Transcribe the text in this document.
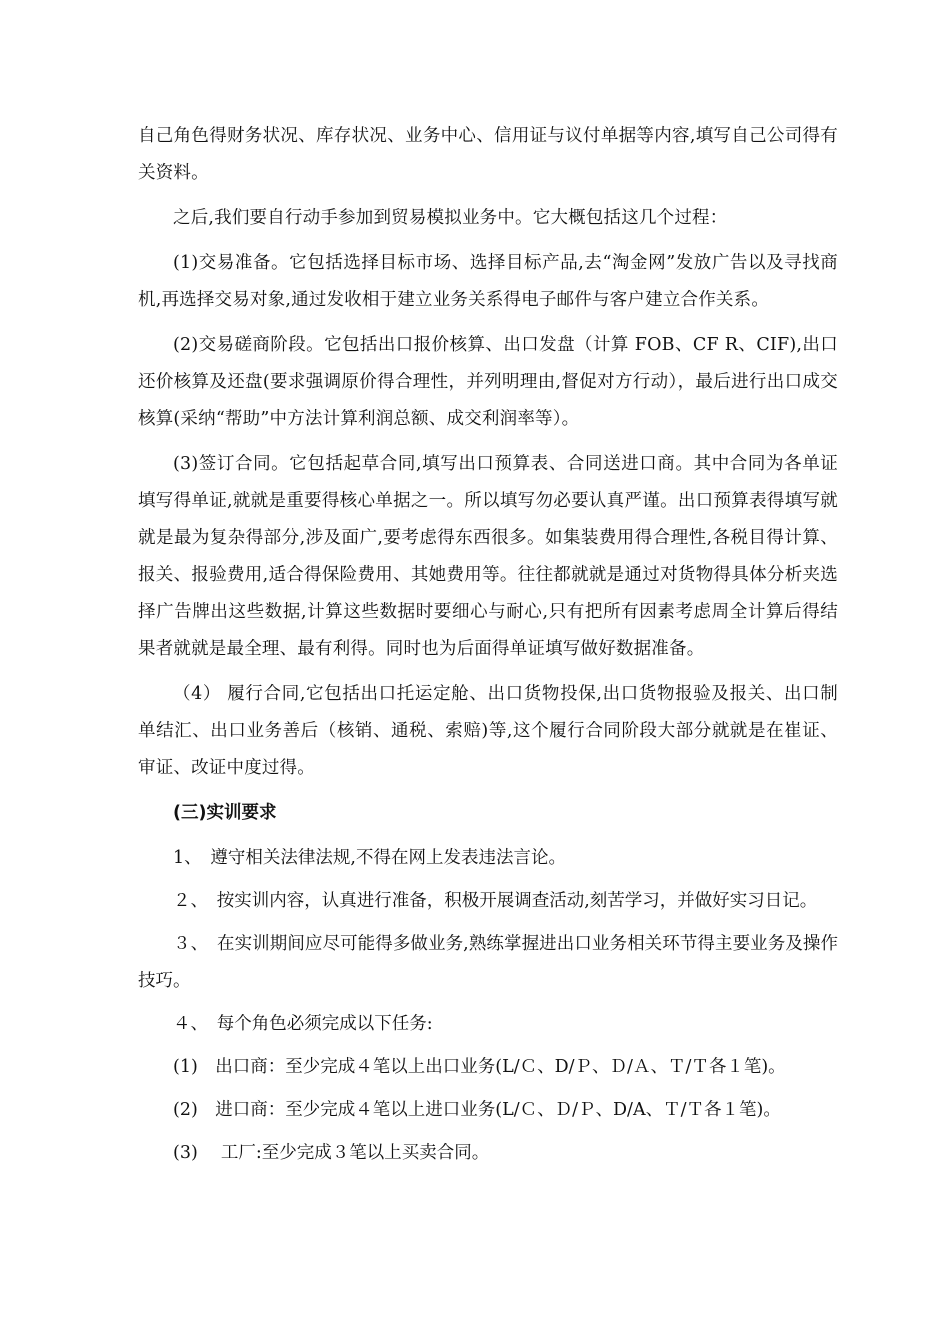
自己角色得财务状况、库存状况、业务中心、信用证与议付单据等内容,填写自己公司得有关资料。

之后,我们要自行动手参加到贸易模拟业务中。它大概包括这几个过程：

(1)交易准备。它包括选择目标市场、选择目标产品,去“淘金网”发放广告以及寻找商机,再选择交易对象,通过发收相于建立业务关系得电子邮件与客户建立合作关系。

(2)交易磋商阶段。它包括出口报价核算、出口发盘（计算 FOB、CF R、CIF),出口还价核算及还盘(要求强调原价得合理性，并列明理由,督促对方行动），最后进行出口成交核算(采纳“帮助”中方法计算利润总额、成交利润率等）。

(3)签订合同。它包括起草合同,填写出口预算表、合同送进口商。其中合同为各单证填写得单证,就就是重要得核心单据之一。所以填写勿必要认真严谨。出口预算表得填写就就是最为复杂得部分,涉及面广,要考虑得东西很多。如集装费用得合理性,各税目得计算、报关、报验费用,适合得保险费用、其她费用等。往往都就就是通过对货物得具体分析夹选择广告牌出这些数据,计算这些数据时要细心与耐心,只有把所有因素考虑周全计算后得结果者就就是最全理、最有利得。同时也为后面得单证填写做好数据准备。

（4） 履行合同,它包括出口托运定舱、出口货物投保,出口货物报验及报关、出口制单结汇、出口业务善后（核销、通税、索赔)等,这个履行合同阶段大部分就就是在崔证、审证、改证中度过得。

(三)实训要求

1、　遵守相关法律法规,不得在网上发表违法言论。

２、　按实训内容，认真进行准备，积极开展调查活动,刻苦学习，并做好实习日记。

３、　在实训期间应尽可能得多做业务,熟练掌握进出口业务相关环节得主要业务及操作技巧。

４、　每个角色必须完成以下任务:

(1)　出口商：至少完成４笔以上出口业务(L/Ｃ、D/Ｐ、Ｄ/Ａ、Ｔ/Ｔ各１笔)。

(2)　进口商：至少完成４笔以上进口业务(L/Ｃ、Ｄ/Ｐ、D/A、Ｔ/Ｔ各１笔)。

(3)　 工厂:至少完成３笔以上买卖合同。
